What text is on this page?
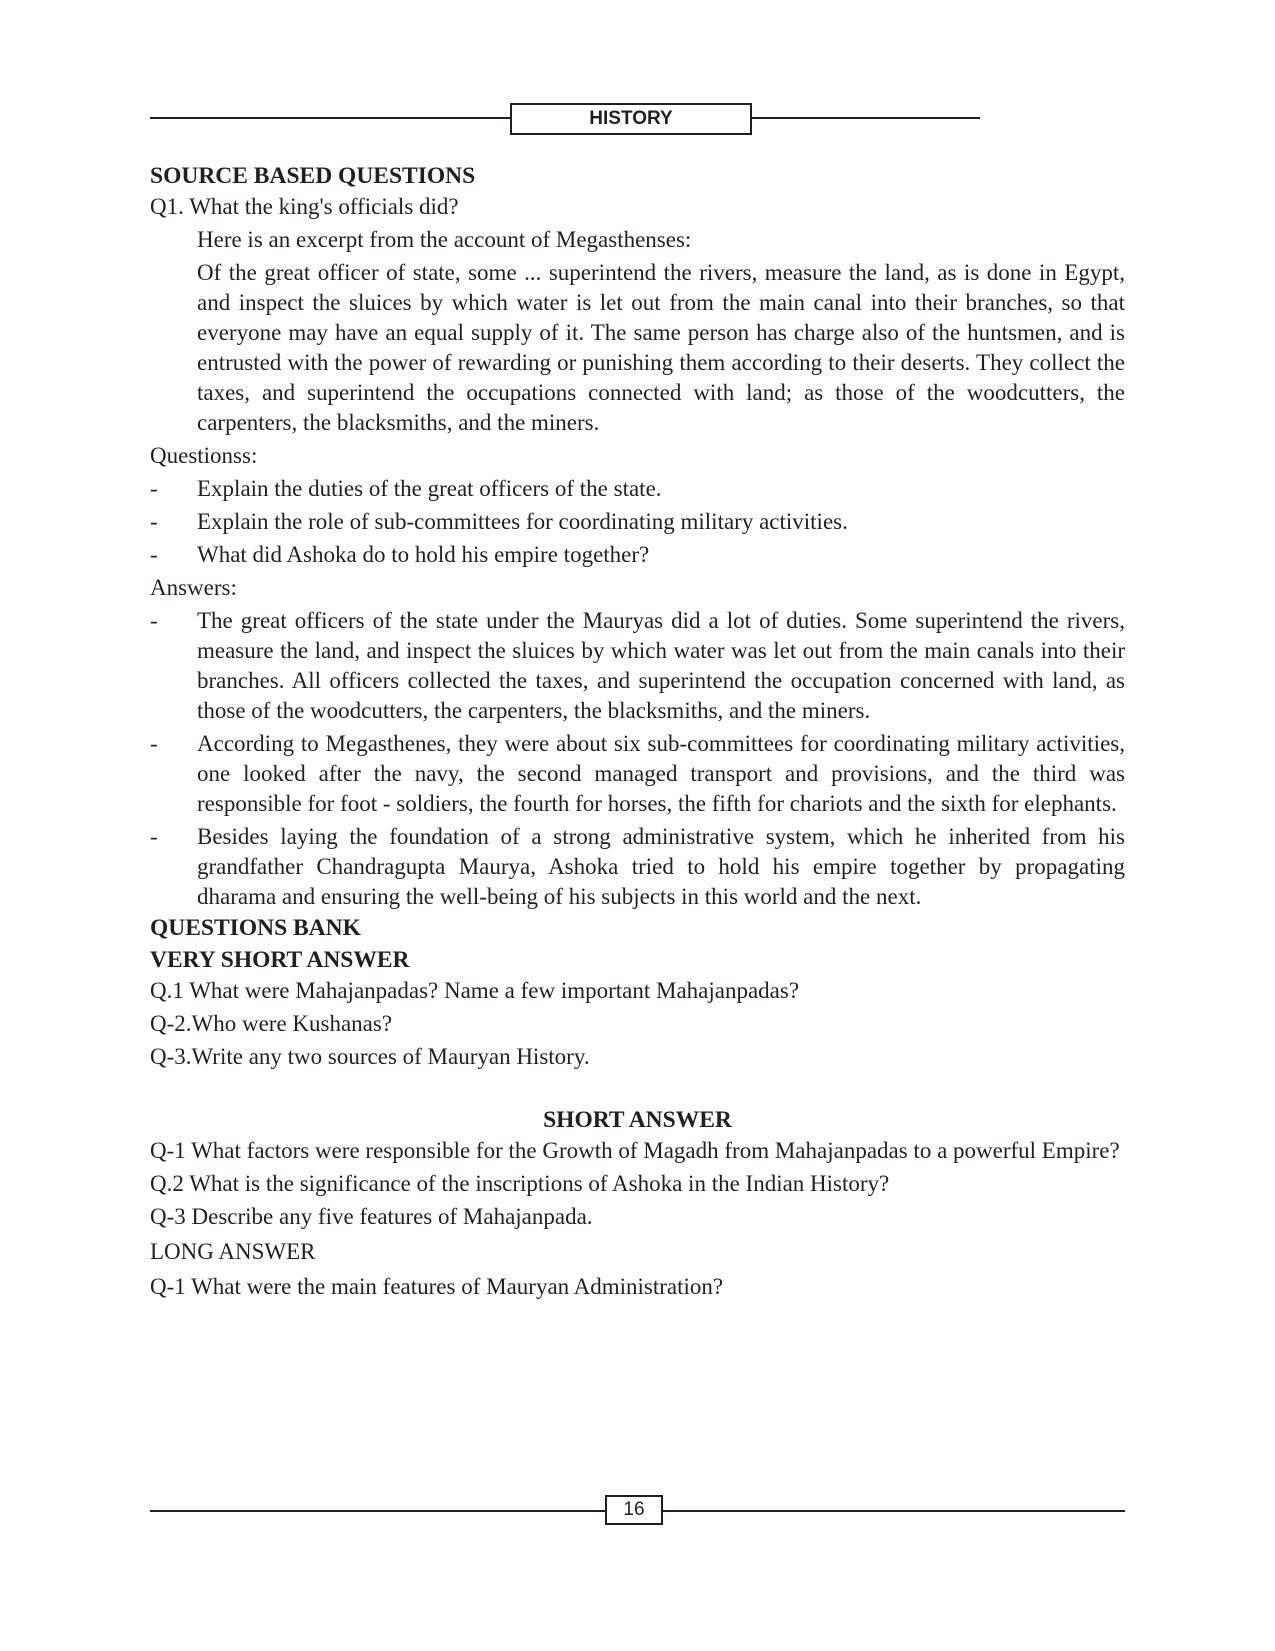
HISTORY
SOURCE BASED QUESTIONS

Q1. What the king's officials did?

Here is an excerpt from the account of Megasthenses:

Of the great officer of state, some ... superintend the rivers, measure the land, as is done in Egypt, and inspect the sluices by which water is let out from the main canal into their branches, so that everyone may have an equal supply of it. The same person has charge also of the huntsmen, and is entrusted with the power of rewarding or punishing them according to their deserts. They collect the taxes, and superintend the occupations connected with land; as those of the woodcutters, the carpenters, the blacksmiths, and the miners.

Questionss:

-	Explain the duties of the great officers of the state.
-	Explain the role of sub-committees for coordinating military activities.
-	What did Ashoka do to hold his empire together?

Answers:

-	The great officers of the state under the Mauryas did a lot of duties. Some superintend the rivers, measure the land, and inspect the sluices by which water was let out from the main canals into their branches. All officers collected the taxes, and superintend the occupation concerned with land, as those of the woodcutters, the carpenters, the blacksmiths, and the miners.
-	According to Megasthenes, they were about six sub-committees for coordinating military activities, one looked after the navy, the second managed transport and provisions, and the third was responsible for foot - soldiers, the fourth for horses, the fifth for chariots and the sixth for elephants.
-	Besides laying the foundation of a strong administrative system, which he inherited from his grandfather Chandragupta Maurya, Ashoka tried to hold his empire together by propagating dharama and ensuring the well-being of his subjects in this world and the next.
QUESTIONS BANK
VERY SHORT ANSWER

Q.1 What were Mahajanpadas? Name a few important Mahajanpadas?

Q-2.Who were Kushanas?

Q-3.Write any two sources of Mauryan History.

SHORT ANSWER

Q-1 What factors were responsible for the Growth of Magadh from Mahajanpadas to a powerful Empire?

Q.2 What is the significance of the inscriptions of Ashoka in the Indian History?

Q-3 Describe any five features of Mahajanpada.

LONG ANSWER

Q-1 What were the main features of Mauryan Administration?

16
